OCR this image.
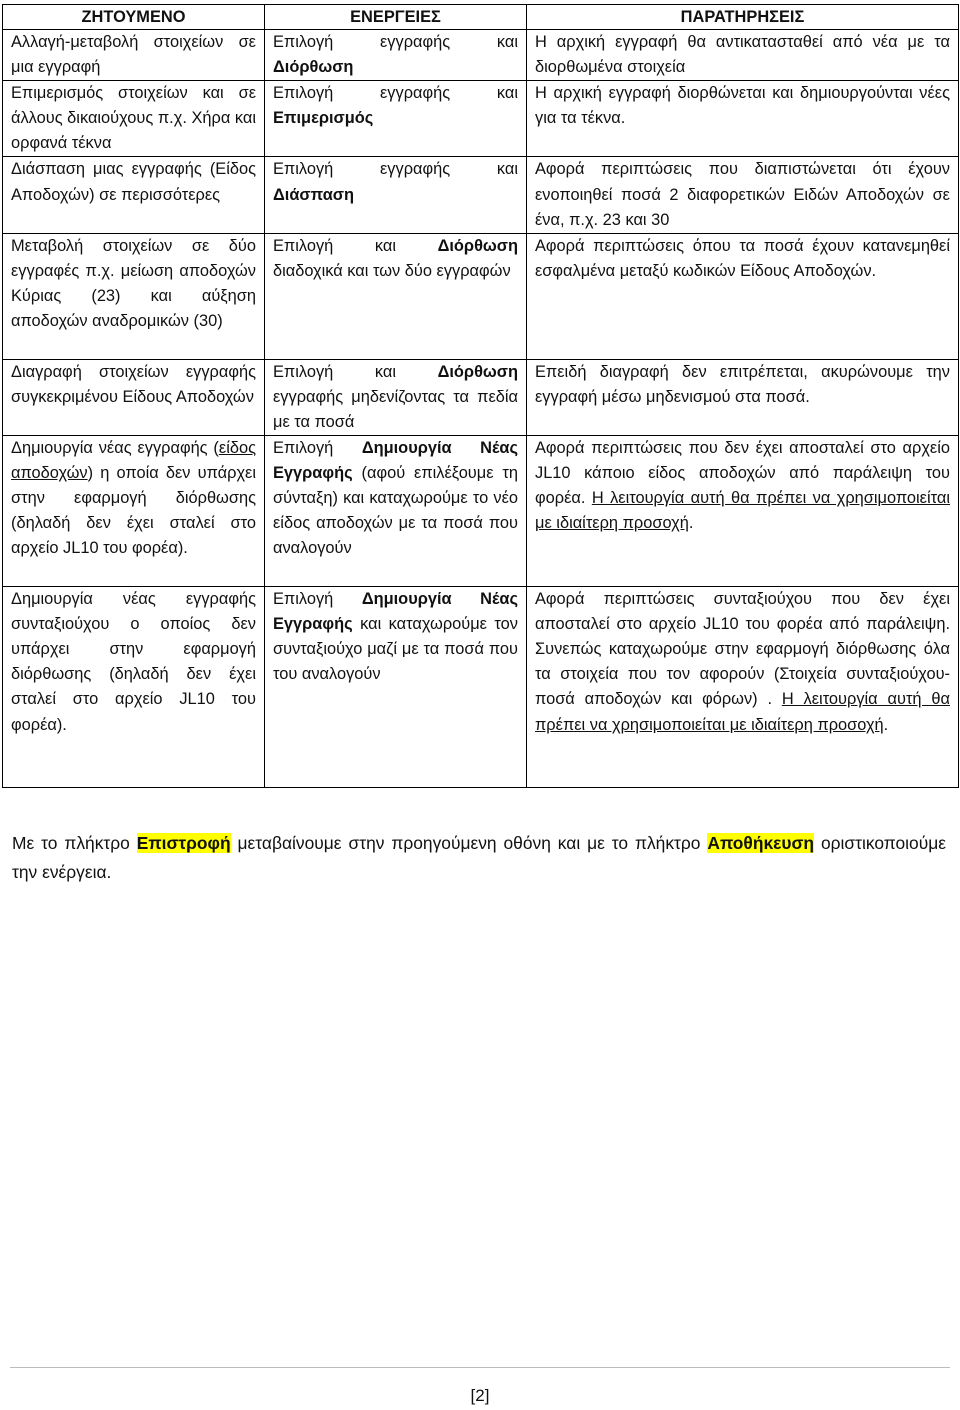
ΖΗΤΟΥΜΕΝΟ	ΕΝΕΡΓΕΙΕΣ	ΠΑΡΑΤΗΡΗΣΕΙΣ
Αλλαγή-μεταβολή στοιχείων σε μια εγγραφή	Επιλογή εγγραφής και Διόρθωση	Η αρχική εγγραφή θα αντικατασταθεί από νέα με τα διορθωμένα στοιχεία
Επιμερισμός στοιχείων και σε άλλους δικαιούχους π.χ. Χήρα και ορφανά τέκνα	Επιλογή εγγραφής και Επιμερισμός	Η αρχική εγγραφή διορθώνεται και δημιουργούνται νέες για τα τέκνα.
Διάσπαση μιας εγγραφής (Είδος Αποδοχών) σε περισσότερες	Επιλογή εγγραφής και Διάσπαση	Αφορά περιπτώσεις που διαπιστώνεται ότι έχουν ενοποιηθεί ποσά 2 διαφορετικών Ειδών Αποδοχών σε ένα, π.χ. 23 και 30
Μεταβολή στοιχείων σε δύο εγγραφές π.χ. μείωση αποδοχών Κύριας (23) και αύξηση αποδοχών αναδρομικών (30)	Επιλογή και Διόρθωση διαδοχικά και των δύο εγγραφών	Αφορά περιπτώσεις όπου τα ποσά έχουν κατανεμηθεί εσφαλμένα μεταξύ κωδικών Είδους Αποδοχών.
Διαγραφή στοιχείων εγγραφής συγκεκριμένου Είδους Αποδοχών	Επιλογή και Διόρθωση εγγραφής μηδενίζοντας τα πεδία με τα ποσά	Επειδή διαγραφή δεν επιτρέπεται, ακυρώνουμε την εγγραφή μέσω μηδενισμού στα ποσά.
Δημιουργία νέας εγγραφής (είδος αποδοχών) η οποία δεν υπάρχει στην εφαρμογή διόρθωσης (δηλαδή δεν έχει σταλεί στο αρχείο JL10 του φορέα).	Επιλογή Δημιουργία Νέας Εγγραφής (αφού επιλέξουμε τη σύνταξη) και καταχωρούμε το νέο είδος αποδοχών με τα ποσά που αναλογούν	Αφορά περιπτώσεις που δεν έχει αποσταλεί στο αρχείο JL10 κάποιο είδος αποδοχών από παράλειψη του φορέα. Η λειτουργία αυτή θα πρέπει να χρησιμοποιείται με ιδιαίτερη προσοχή.
Δημιουργία νέας εγγραφής συνταξιούχου ο οποίος δεν υπάρχει στην εφαρμογή διόρθωσης (δηλαδή δεν έχει σταλεί στο αρχείο JL10 του φορέα).	Επιλογή Δημιουργία Νέας Εγγραφής και καταχωρούμε τον συνταξιούχο μαζί με τα ποσά που του αναλογούν	Αφορά περιπτώσεις συνταξιούχου που δεν έχει αποσταλεί στο αρχείο JL10 του φορέα από παράλειψη. Συνεπώς καταχωρούμε στην εφαρμογή διόρθωσης όλα τα στοιχεία που τον αφορούν (Στοιχεία συνταξιούχου- ποσά αποδοχών και φόρων) . Η λειτουργία αυτή θα πρέπει να χρησιμοποιείται με ιδιαίτερη προσοχή.
Με το πλήκτρο Επιστροφή μεταβαίνουμε στην προηγούμενη οθόνη και με το πλήκτρο Αποθήκευση οριστικοποιούμε την ενέργεια.
[2]
